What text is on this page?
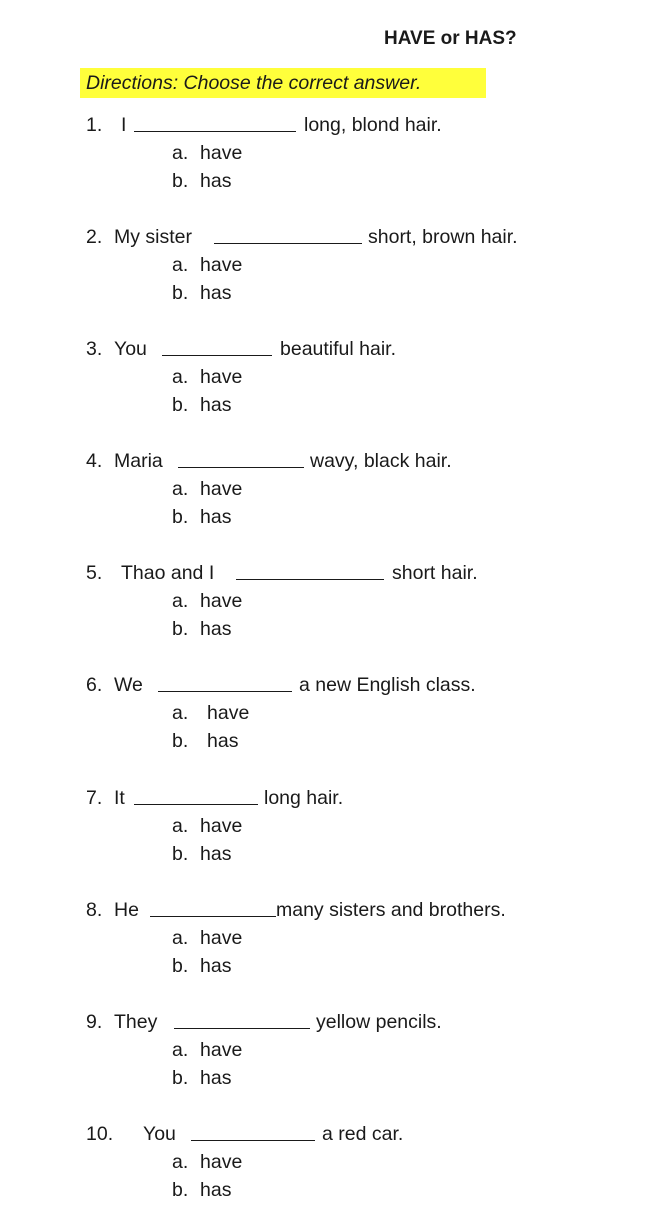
HAVE or HAS?
Directions: Choose the correct answer.
1. I	long, blond hair.
a. have
b. has
2. My sister	short, brown hair.
a. have
b. has
3. You	beautiful hair.
a. have
b. has
4. Maria	wavy, black hair.
a. have
b. has
5. Thao and I	short hair.
a. have
b. has
6. We	a new English class.
a. have
b. has
7. It	long hair.
a. have
b. has
8. He	many sisters and brothers.
a. have
b. has
9. They	yellow pencils.
a. have
b. has
10. You	a red car.
a. have
b. has
